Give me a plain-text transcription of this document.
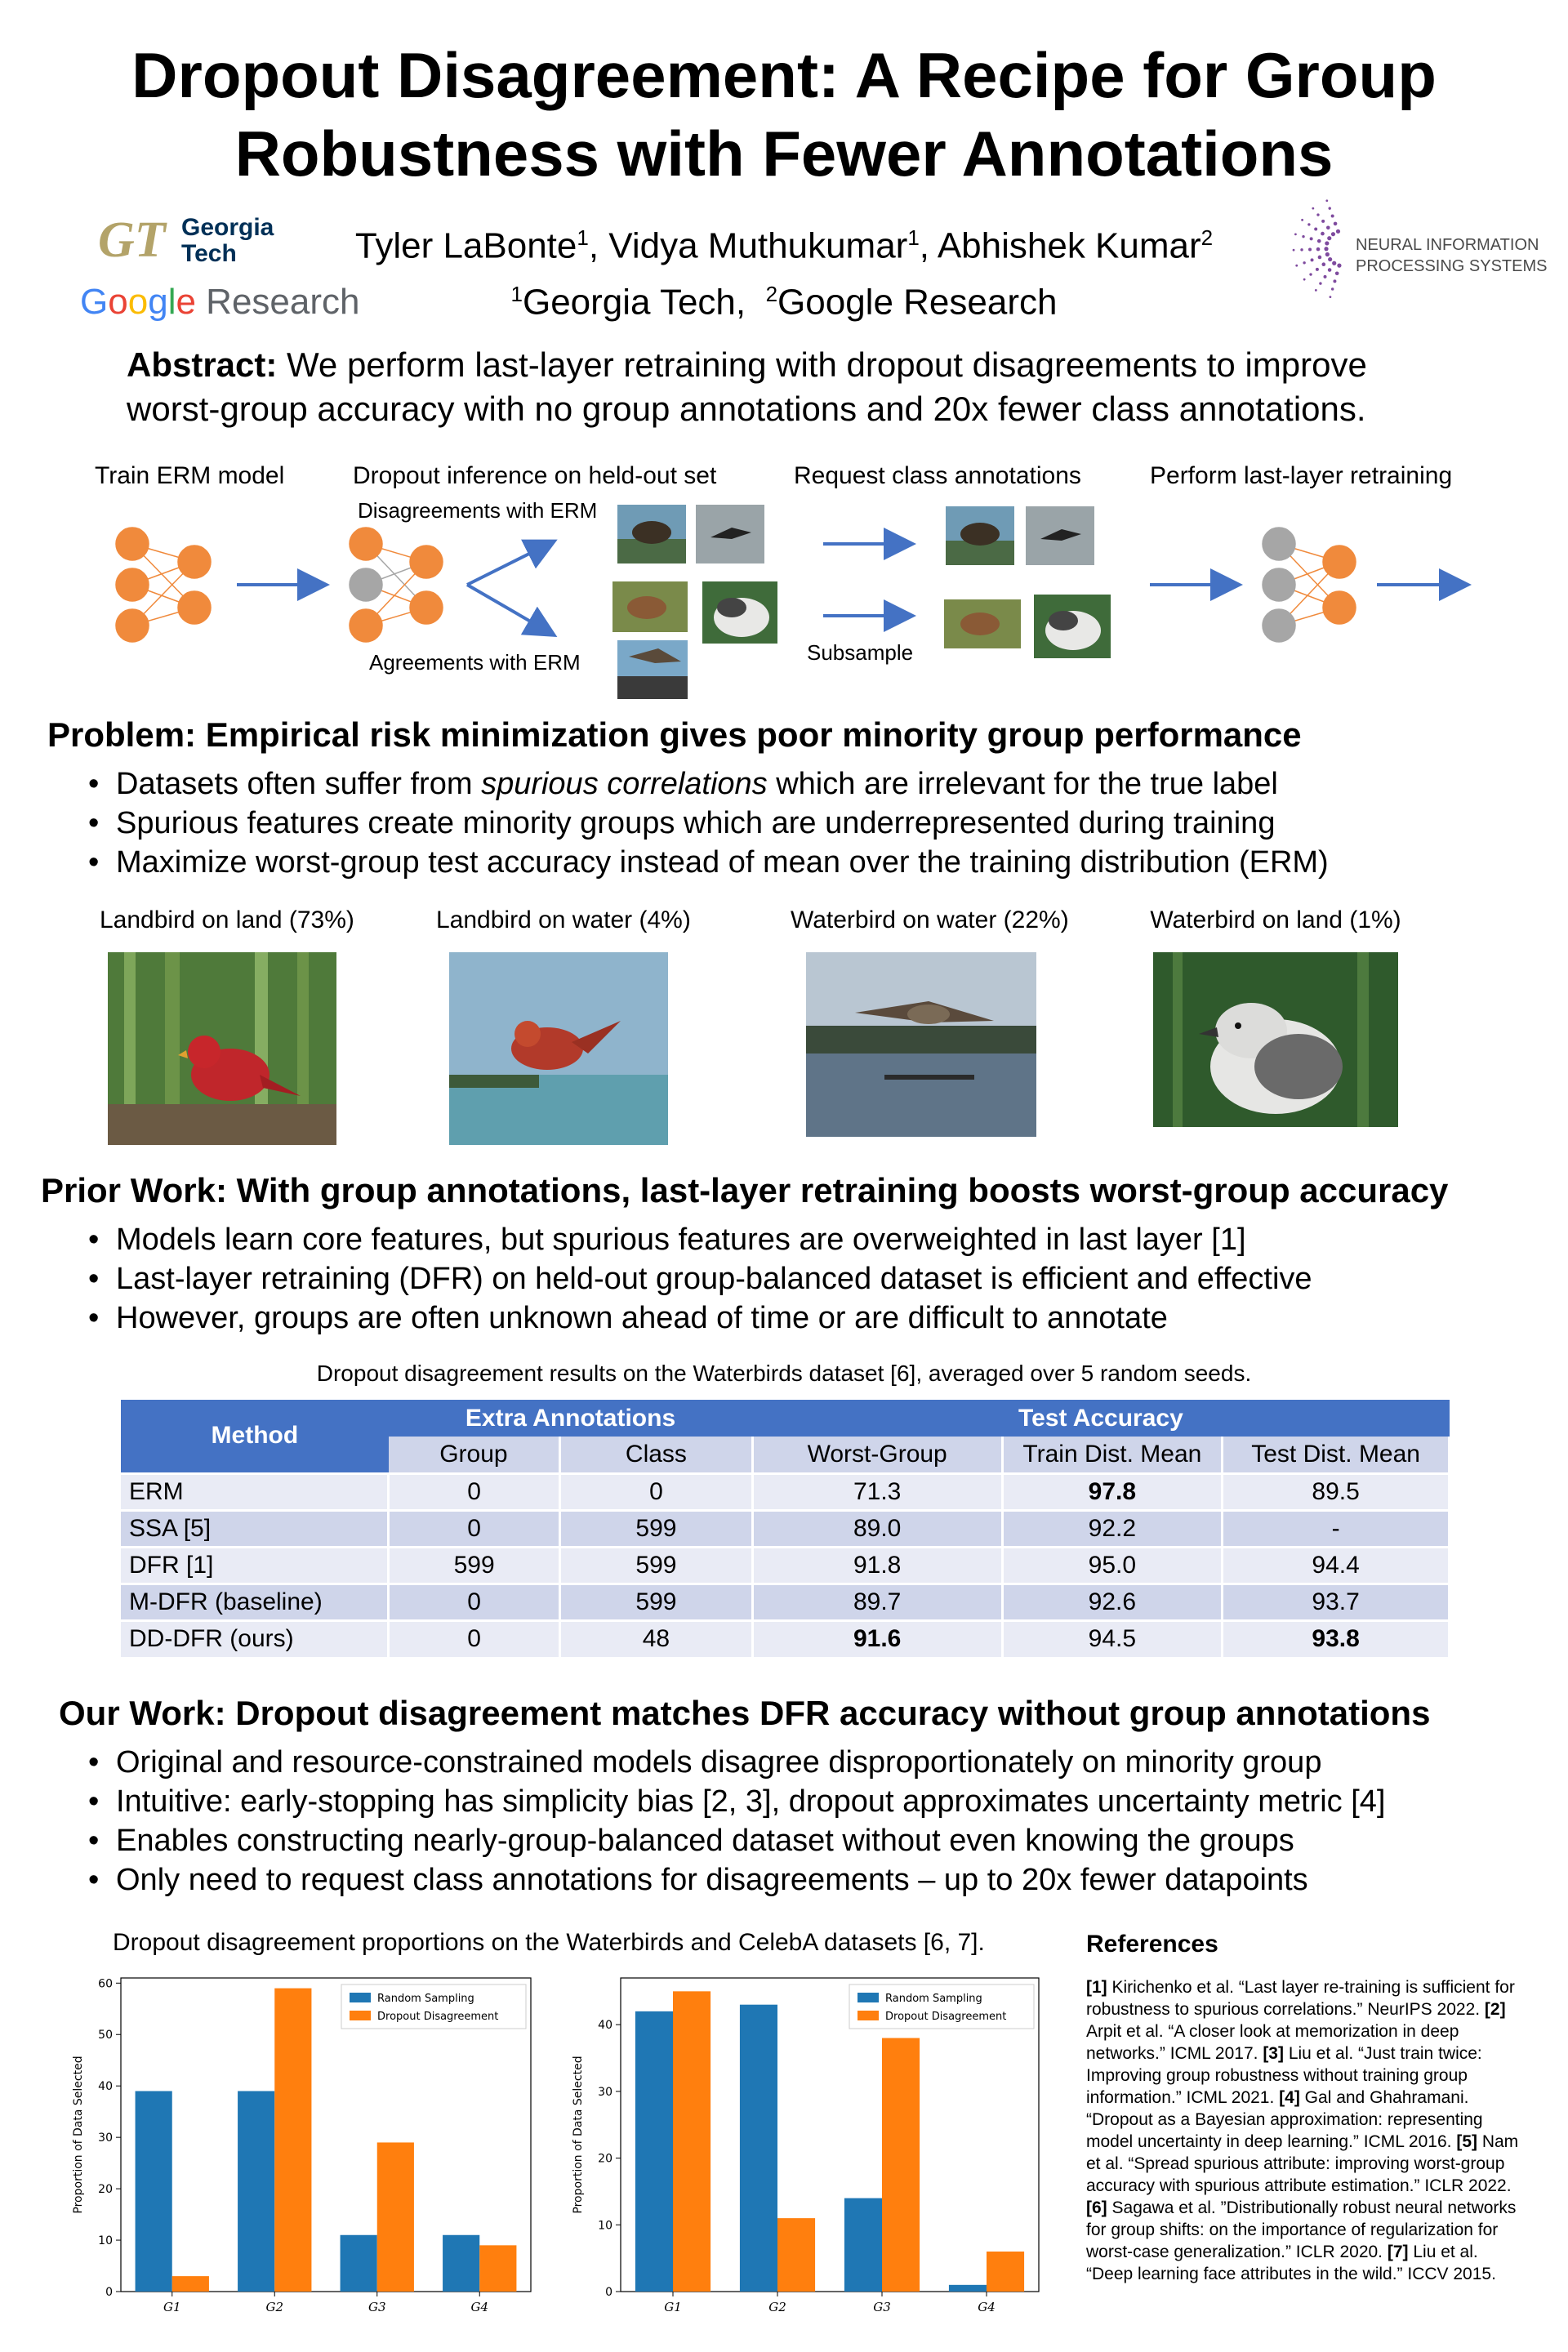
Dropout Disagreement: A Recipe for Group
Robustness with Fewer Annotations
GT Georgia
Tech
Google Research
NEURAL INFORMATION
PROCESSING SYSTEMS
Tyler LaBonte$^1$, Vidya Muthukumar$^1$, Abhishek Kumar$^2$
$^1$Georgia Tech,  $^2$Google Research
Abstract: We perform last-layer retraining with dropout disagreements to improve worst-group accuracy with no group annotations and 20x fewer class annotations.
Train ERM model	Dropout inference on held-out set	Request class annotations	Perform last-layer retraining
Disagreements with ERM
Agreements with ERM	Subsample
Problem: Empirical risk minimization gives poor minority group performance
• Datasets often suffer from spurious correlations which are irrelevant for the true label
• Spurious features create minority groups which are underrepresented during training
• Maximize worst-group test accuracy instead of mean over the training distribution (ERM)
Landbird on land (73%)	Landbird on water (4%)	Waterbird on water (22%)	Waterbird on land (1%)
Prior Work: With group annotations, last-layer retraining boosts worst-group accuracy
• Models learn core features, but spurious features are overweighted in last layer [1]
• Last-layer retraining (DFR) on held-out group-balanced dataset is efficient and effective
• However, groups are often unknown ahead of time or are difficult to annotate
Dropout disagreement results on the Waterbirds dataset [6], averaged over 5 random seeds.
Method	Extra Annotations		Test Accuracy		
	Group	Class	Worst-Group	Train Dist. Mean	Test Dist. Mean
ERM	0	0	71.3	97.8	89.5
SSA [5]	0	599	89.0	92.2	-
DFR [1]	599	599	91.8	95.0	94.4
M-DFR (baseline)	0	599	89.7	92.6	93.7
DD-DFR (ours)	0	48	91.6	94.5	93.8
Our Work: Dropout disagreement matches DFR accuracy without group annotations
• Original and resource-constrained models disagree disproportionately on minority group
• Intuitive: early-stopping has simplicity bias [2, 3], dropout approximates uncertainty metric [4]
• Enables constructing nearly-group-balanced dataset without even knowing the groups
• Only need to request class annotations for disagreements – up to 20x fewer datapoints
Dropout disagreement proportions on the Waterbirds and CelebA datasets [6, 7].
0
10
20
30
40
50
60
Proportion of Data Selected
G1	G2	G3	G4
Random Sampling
Dropout Disagreement
0
10
20
30
40
Proportion of Data Selected
G1	G2	G3	G4
Random Sampling
Dropout Disagreement
References
[1] Kirichenko et al. “Last layer re-training is sufficient for robustness to spurious correlations.” NeurIPS 2022. [2] Arpit et al. “A closer look at memorization in deep networks.” ICML 2017. [3] Liu et al. “Just train twice: Improving group robustness without training group information.” ICML 2021. [4] Gal and Ghahramani. “Dropout as a Bayesian approximation: representing model uncertainty in deep learning.” ICML 2016. [5] Nam et al. “Spread spurious attribute: improving worst-group accuracy with spurious attribute estimation.” ICLR 2022. [6] Sagawa et al. ”Distributionally robust neural networks for group shifts: on the importance of regularization for worst-case generalization.” ICLR 2020. [7] Liu et al. “Deep learning face attributes in the wild.” ICCV 2015.
